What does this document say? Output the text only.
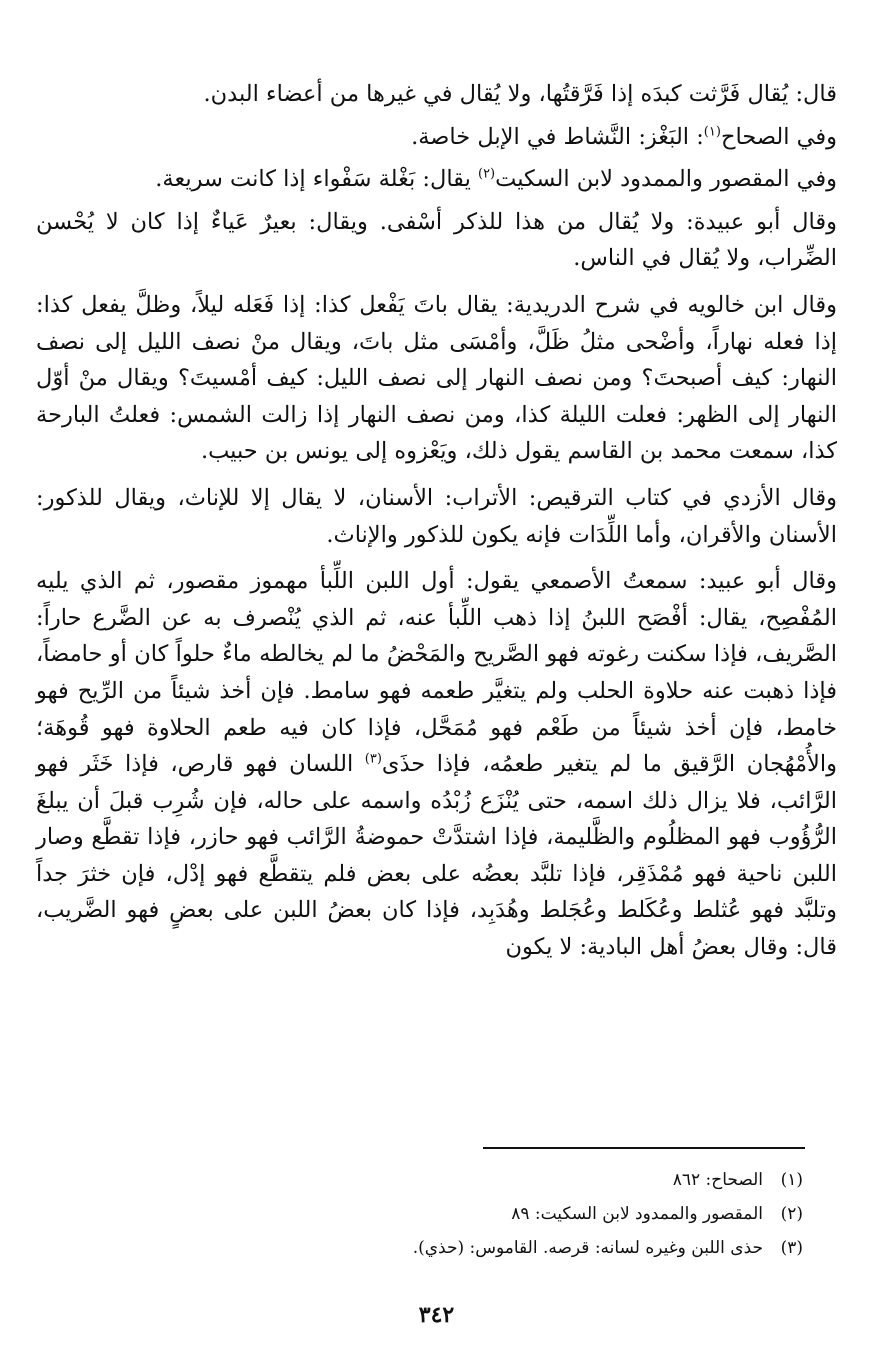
قال: يُقال فَرَّثت كبدَه إذا فَرَّقتُها، ولا يُقال في غيرها من أعضاء البدن.

وفي الصحاح$^{(١)}$: البَغْز: النَّشاط في الإبل خاصة.

وفي المقصور والممدود لابن السكيت$^{(٢)}$ يقال: بَغْلة سَفْواء إذا كانت سريعة.

وقال أبو عبيدة: ولا يُقال من هذا للذكر أسْفى. ويقال: بعيرٌ عَياءٌ إذا كان لا يُحْسن الضِّراب، ولا يُقال في الناس.

وقال ابن خالويه في شرح الدريدية: يقال باتَ يَفْعل كذا: إذا فَعَله ليلاً، وظلَّ يفعل كذا: إذا فعله نهاراً، وأضْحى مثلُ ظَلَّ، وأمْسَى مثل باتَ، ويقال منْ نصف الليل إلى نصف النهار: كيف أصبحتَ؟ ومن نصف النهار إلى نصف الليل: كيف أمْسيتَ؟ ويقال منْ أوّل النهار إلى الظهر: فعلت الليلة كذا، ومن نصف النهار إذا زالت الشمس: فعلتُ البارحة كذا، سمعت محمد بن القاسم يقول ذلك، ويَعْزوه إلى يونس بن حبيب.

وقال الأزدي في كتاب الترقيص: الأتراب: الأسنان، لا يقال إلا للإناث، ويقال للذكور: الأسنان والأقران، وأما اللِّدَات فإنه يكون للذكور والإناث.

وقال أبو عبيد: سمعتُ الأصمعي يقول: أول اللبن اللِّبأ مهموز مقصور، ثم الذي يليه المُفْصِح، يقال: أفْصَح اللبنُ إذا ذهب اللِّبأ عنه، ثم الذي يُنْصرف به عن الضَّرع حاراً: الصَّريف، فإذا سكنت رغوته فهو الصَّريح والمَحْضُ ما لم يخالطه ماءٌ حلواً كان أو حامضاً، فإذا ذهبت عنه حلاوة الحلب ولم يتغيَّر طعمه فهو سامط. فإن أخذ شيئاً من الرِّيح فهو خامط، فإن أخذ شيئاً من طَعْم فهو مُمَحَّل، فإذا كان فيه طعم الحلاوة فهو قُوهَة؛ والأُمْهُجان الرَّقيق ما لم يتغير طعمُه، فإذا حذَى$^{(٣)}$ اللسان فهو قارص، فإذا خَثَر فهو الرَّائب، فلا يزال ذلك اسمه، حتى يُنْزَع زُبْدُه واسمه على حاله، فإن شُرِب قبلَ أن يبلغَ الرُّؤُوب فهو المظلُوم والظَّليمة، فإذا اشتدَّتْ حموضةُ الرَّائب فهو حازر، فإذا تقطَّع وصار اللبن ناحية فهو مُمْذَقِر، فإذا تلبَّد بعضُه على بعض فلم يتقطَّع فهو إدْل، فإن خثرَ جداً وتلبَّد فهو عُثلط وعُكَلط وعُجَلط وهُدَبِد، فإذا كان بعضُ اللبن على بعضٍ فهو الضَّريب، قال: وقال بعضُ أهل البادية: لا يكون

(١)الصحاح: ٨٦٢
(٢)المقصور والممدود لابن السكيت: ٨٩
(٣)حذى اللبن وغيره لسانه: قرصه. القاموس: (حذي).
٣٤٢
